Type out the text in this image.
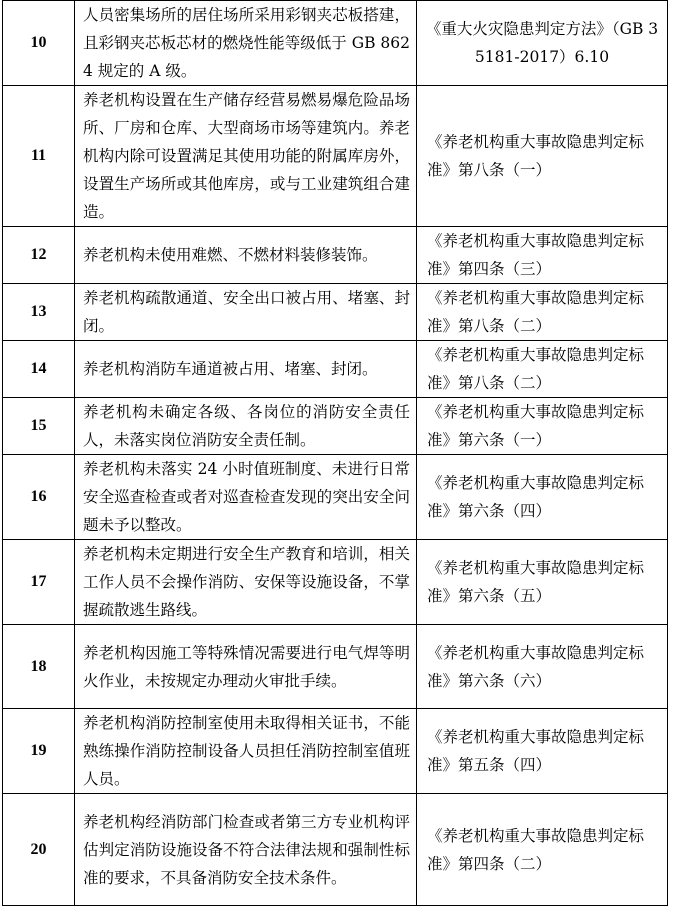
10	人员密集场所的居住场所采用彩钢夹芯板搭建，且彩钢夹芯板芯材的燃烧性能等级低于 GB 8624 规定的 A 级。	《重大火灾隐患判定方法》（GB 35181-2017）6.10
11	养老机构设置在生产储存经营易燃易爆危险品场所、厂房和仓库、大型商场市场等建筑内。养老机构内除可设置满足其使用功能的附属库房外，设置生产场所或其他库房，或与工业建筑组合建造。	《养老机构重大事故隐患判定标准》第八条（一）
12	养老机构未使用难燃、不燃材料装修装饰。	《养老机构重大事故隐患判定标准》第四条（三）
13	养老机构疏散通道、安全出口被占用、堵塞、封闭。	《养老机构重大事故隐患判定标准》第八条（二）
14	养老机构消防车通道被占用、堵塞、封闭。	《养老机构重大事故隐患判定标准》第八条（二）
15	养老机构未确定各级、各岗位的消防安全责任人，未落实岗位消防安全责任制。	《养老机构重大事故隐患判定标准》第六条（一）
16	养老机构未落实 24 小时值班制度、未进行日常安全巡查检查或者对巡查检查发现的突出安全问题未予以整改。	《养老机构重大事故隐患判定标准》第六条（四）
17	养老机构未定期进行安全生产教育和培训，相关工作人员不会操作消防、安保等设施设备，不掌握疏散逃生路线。	《养老机构重大事故隐患判定标准》第六条（五）
18	养老机构因施工等特殊情况需要进行电气焊等明火作业，未按规定办理动火审批手续。	《养老机构重大事故隐患判定标准》第六条（六）
19	养老机构消防控制室使用未取得相关证书，不能熟练操作消防控制设备人员担任消防控制室值班人员。	《养老机构重大事故隐患判定标准》第五条（四）
20	养老机构经消防部门检查或者第三方专业机构评估判定消防设施设备不符合法律法规和强制性标准的要求，不具备消防安全技术条件。	《养老机构重大事故隐患判定标准》第四条（二）
